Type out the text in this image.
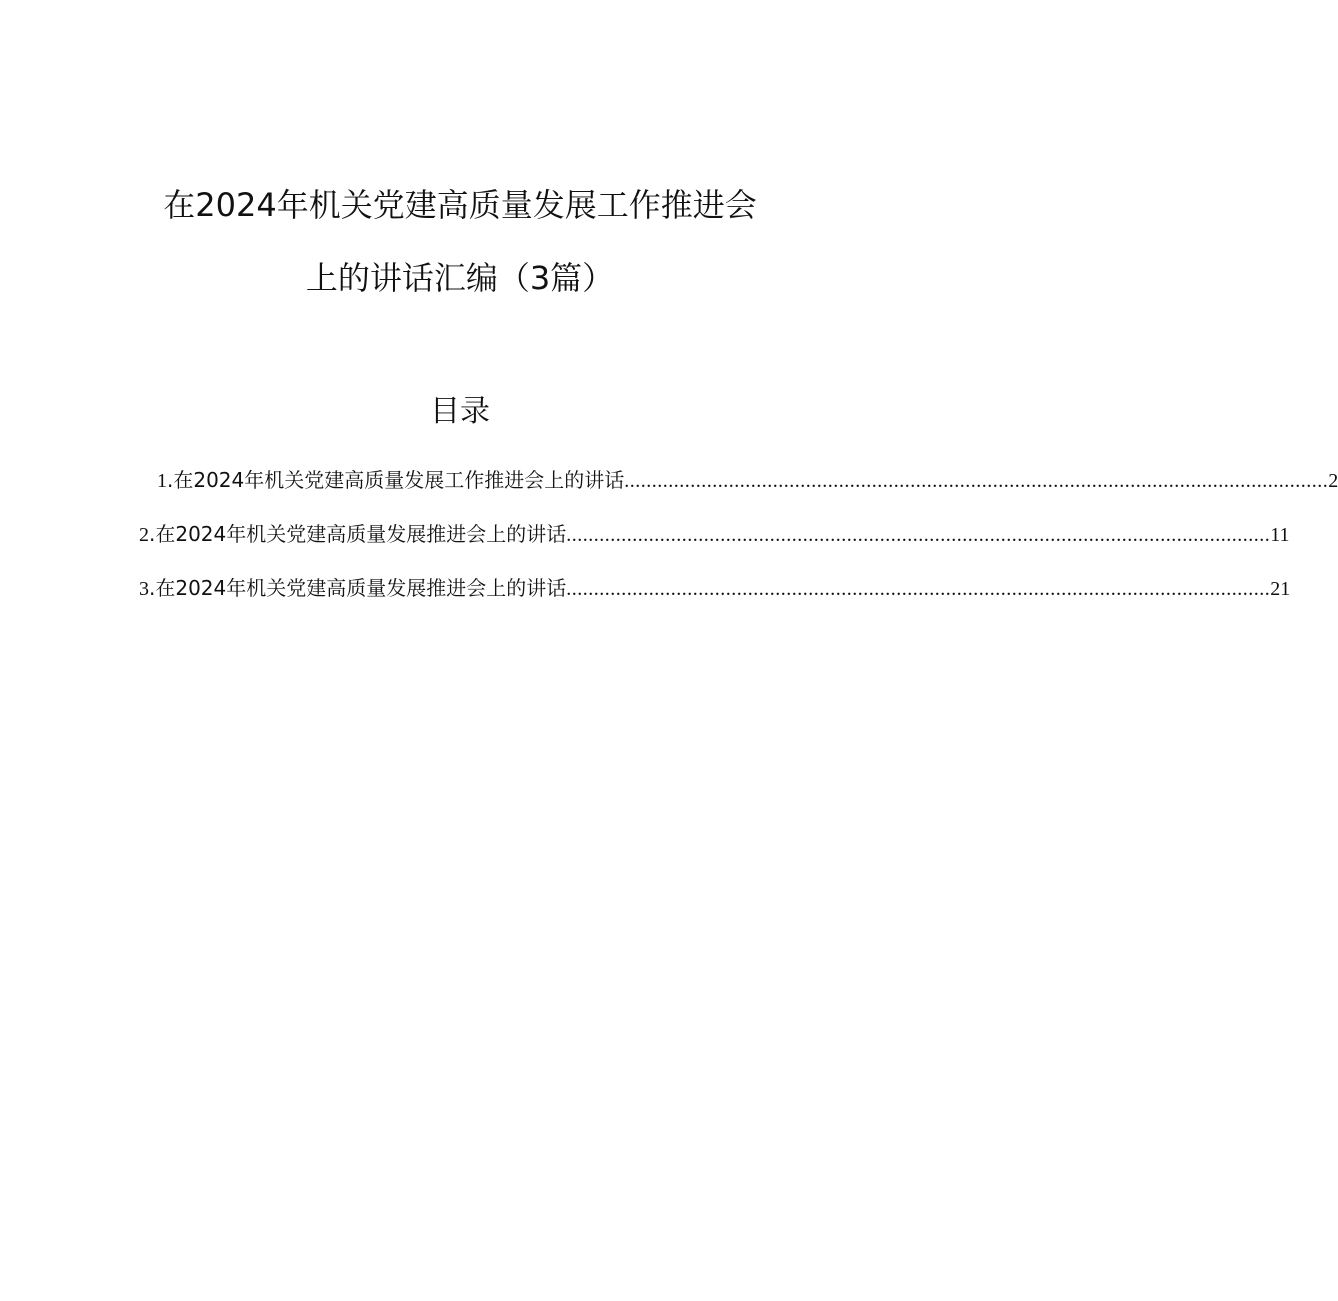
在2024年机关党建高质量发展工作推进会
上的讲话汇编（3篇）
目录
1 .在2024年机关党建高质量发展工作推进会上的讲话 .....	2
2 .在2024年机关党建高质量发展推进会上的讲话 .....	11
3 .在2024年机关党建高质量发展推进会上的讲话 .....	21
